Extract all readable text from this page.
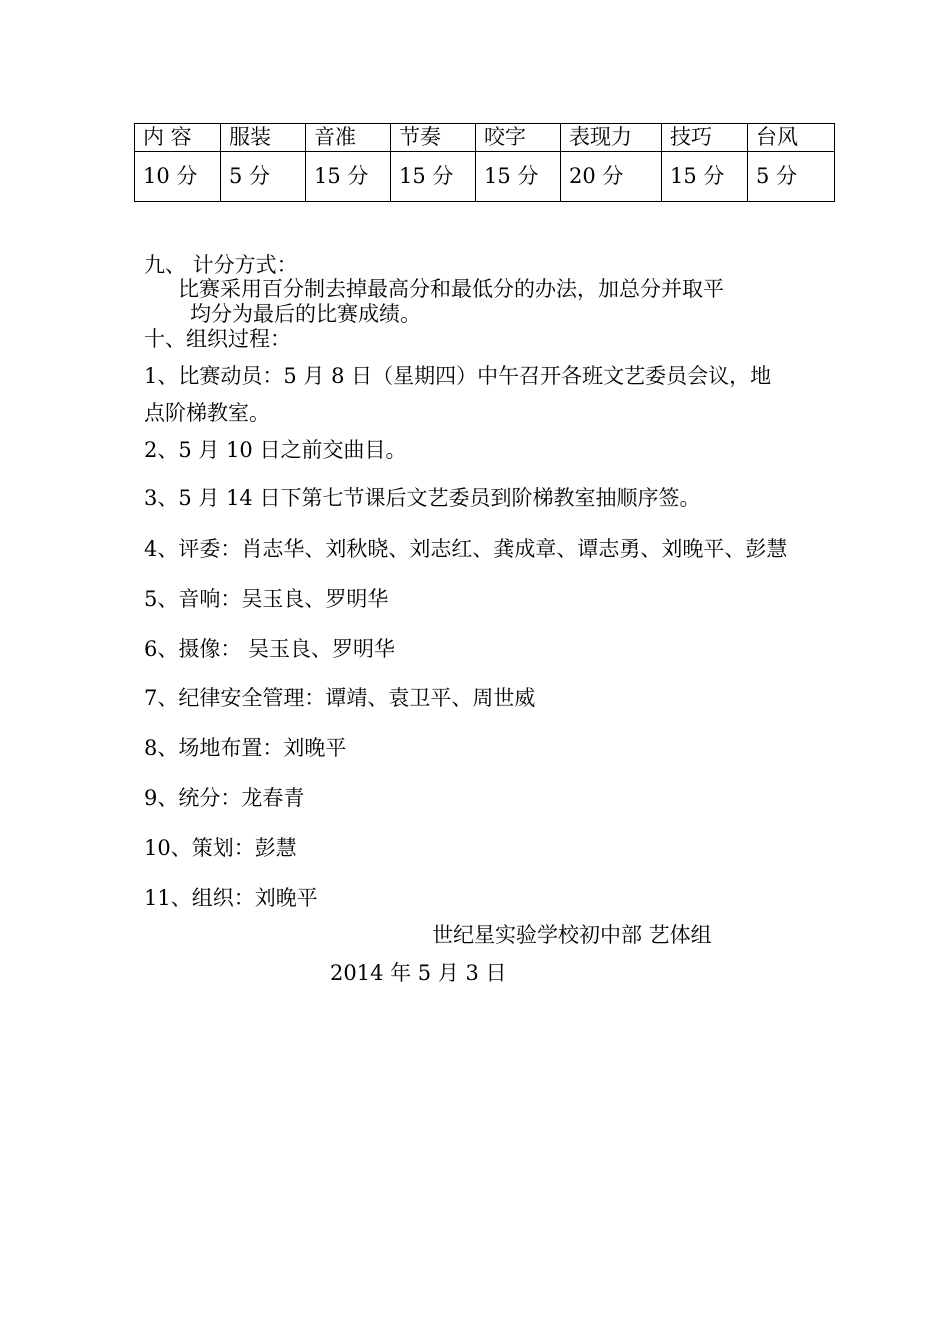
内 容	服装	音准	节奏	咬字	表现力	技巧	台风
10 分	5 分	15 分	15 分	15 分	20 分	15 分	5 分
九、 计分方式：
比赛采用百分制去掉最高分和最低分的办法，加总分并取平
均分为最后的比赛成绩。
十、组织过程：
1、比赛动员：5 月 8 日（星期四）中午召开各班文艺委员会议，地
点阶梯教室。
2、5 月 10 日之前交曲目。
3、5 月 14 日下第七节课后文艺委员到阶梯教室抽顺序签。
4、评委：肖志华、刘秋晓、刘志红、龚成章、谭志勇、刘晚平、彭慧
5、音响：吴玉良、罗明华
6、摄像： 吴玉良、罗明华
7、纪律安全管理：谭靖、袁卫平、周世威
8、场地布置：刘晚平
9、统分：龙春青
10、策划：彭慧
11、组织：刘晚平
世纪星实验学校初中部 艺体组
2014 年 5 月 3 日
